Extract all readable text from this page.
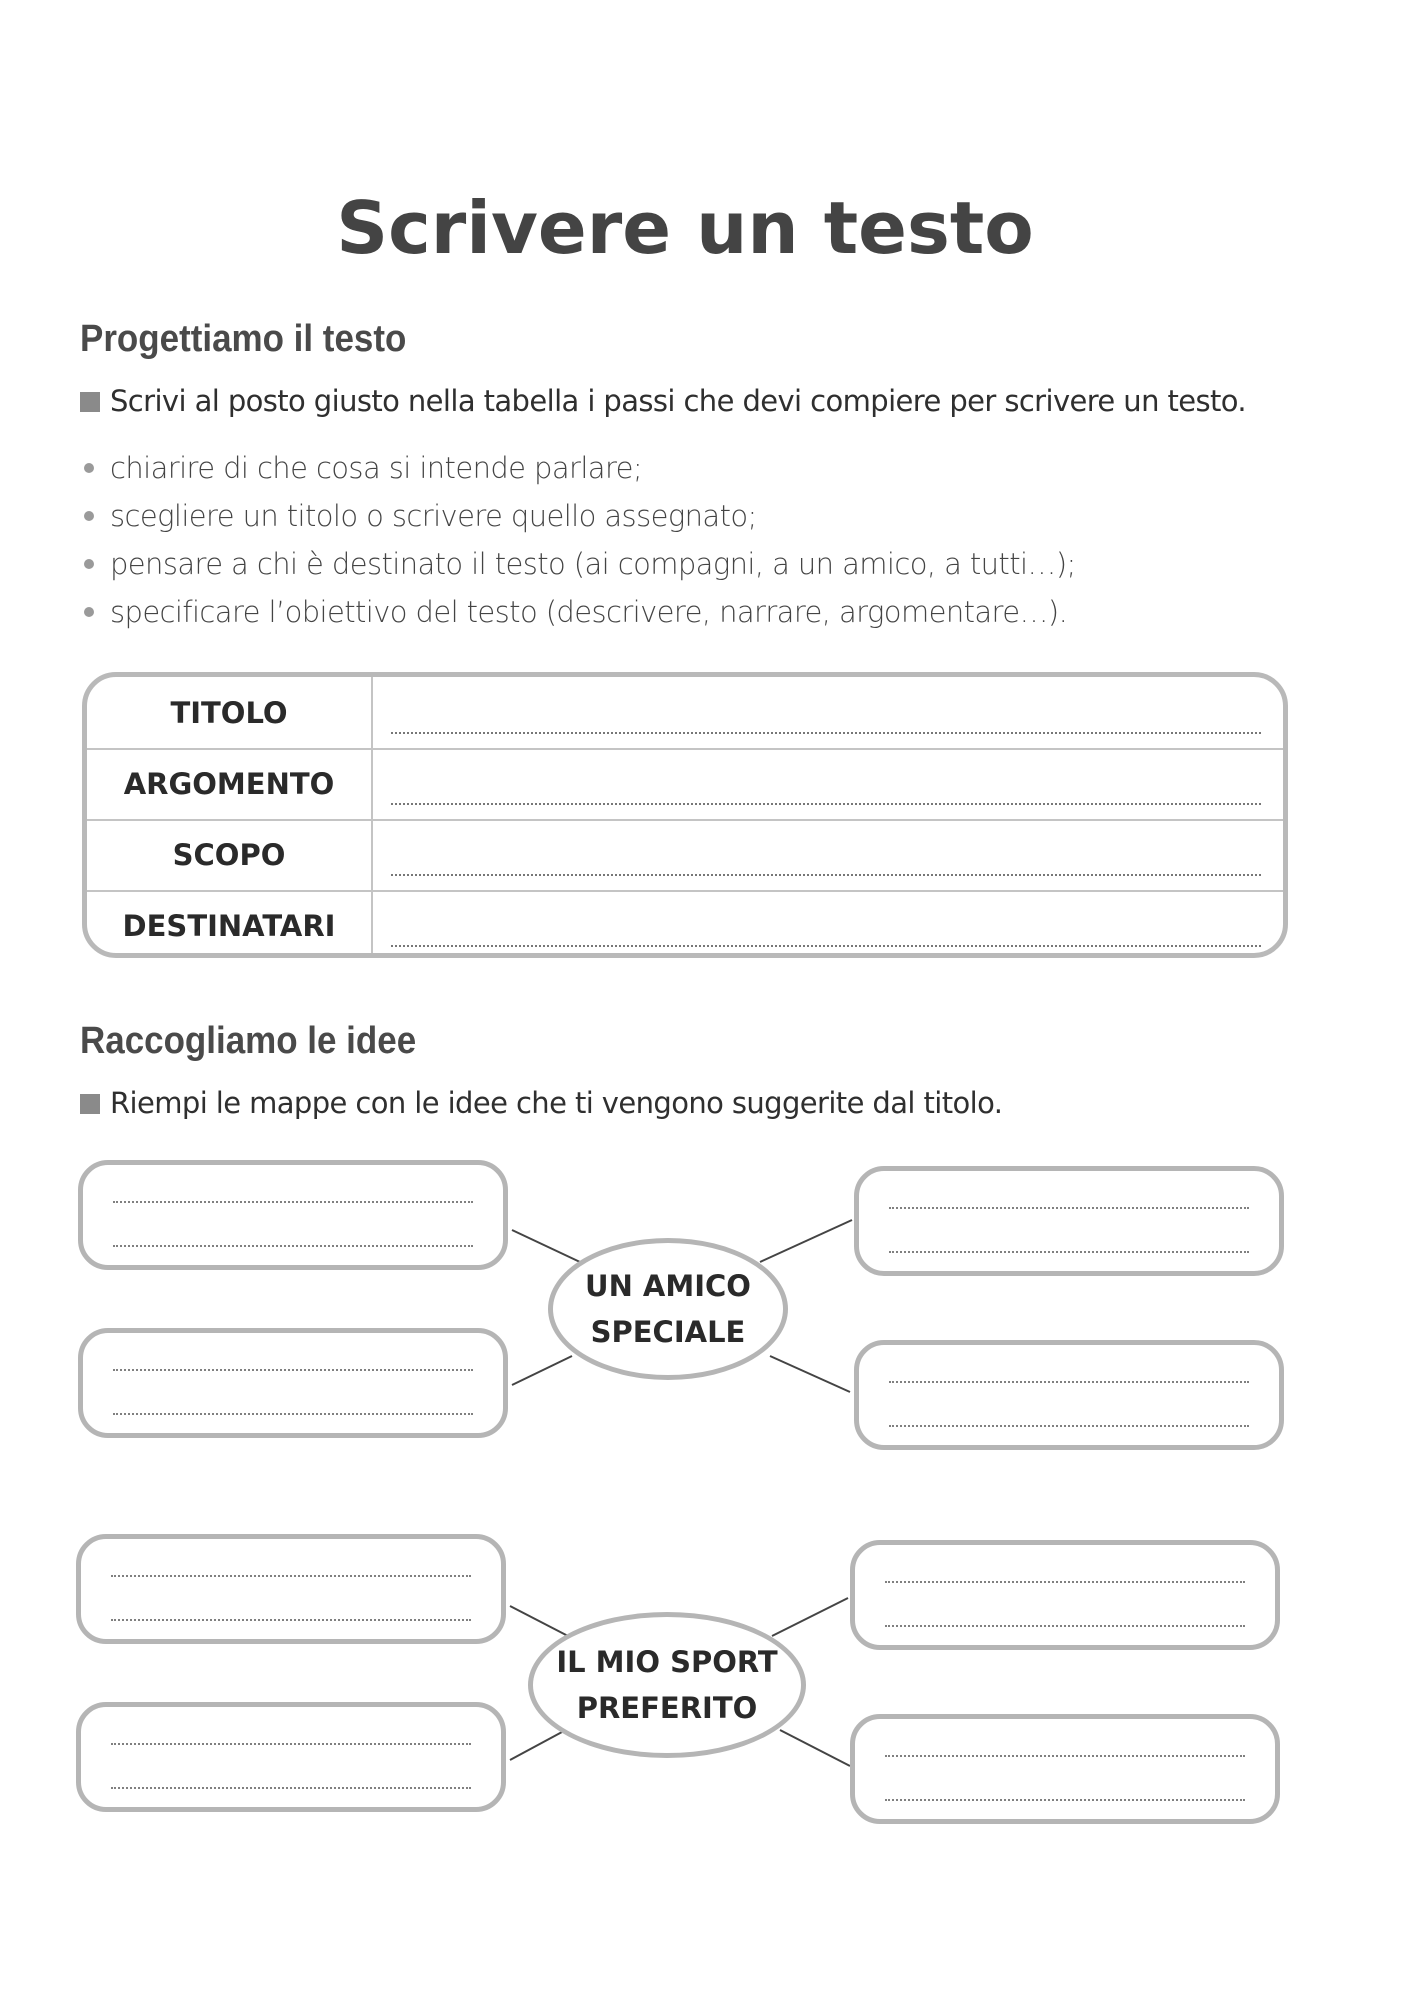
Scrivere un testo
Progettiamo il testo
Scrivi al posto giusto nella tabella i passi che devi compiere per scrivere un testo.
chiarire di che cosa si intende parlare;
scegliere un titolo o scrivere quello assegnato;
pensare a chi è destinato il testo (ai compagni, a un amico, a tutti…);
specificare l’obiettivo del testo (descrivere, narrare, argomentare…).
TITOLO
ARGOMENTO
SCOPO
DESTINATARI
Raccogliamo le idee
Riempi le mappe con le idee che ti vengono suggerite dal titolo.
UN AMICO
SPECIALE
IL MIO SPORT
PREFERITO
